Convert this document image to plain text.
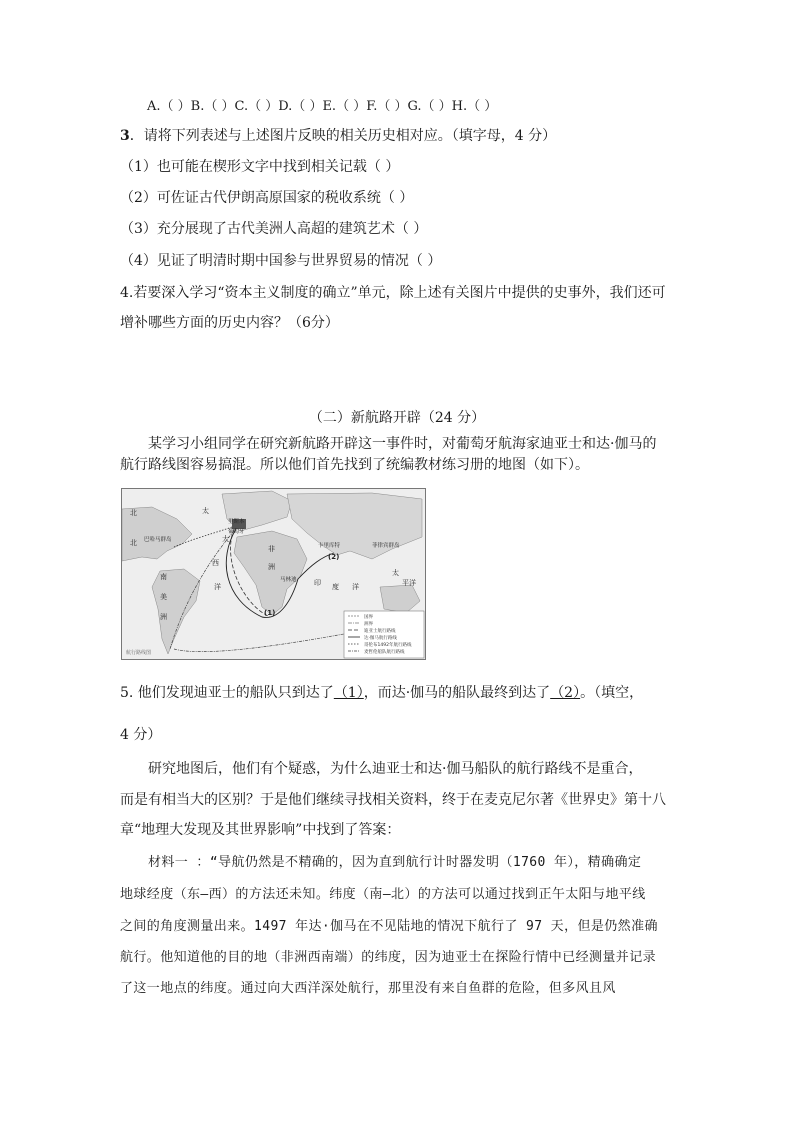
A.（ ）B.（ ）C.（ ）D.（ ）E.（ ）F.（ ）G.（ ）H.（ ）
3．请将下列表述与上述图片反映的相关历史相对应。（填字母，4 分）
（1）也可能在楔形文字中找到相关记载（ ）
（2）可佐证古代伊朗高原国家的税收系统（ ）
（3）充分展现了古代美洲人高超的建筑艺术（ ）
（4）见证了明清时期中国参与世界贸易的情况（ ）
4.若要深入学习“资本主义制度的确立”单元，除上述有关图片中提供的史事外，我们还可
增补哪些方面的历史内容？（6分）
（二）新航路开辟（24 分）
某学习小组同学在研究新航路开辟这一事件时，对葡萄牙航海家迪亚士和达·伽马的
航行路线图容易搞混。所以他们首先找到了统编教材练习册的地图（如下）。
北
北
太
南
美
洲
里斯本
葡萄牙
巴哈马群岛	大
西
洋
非
洲
卡里库特	菲律宾群岛
马林迪 印 度 洋
太
平洋
(1)
(2)
航行路线图
国界
洲界
迪亚士航行路线
达·伽马航行路线
哥伦布1492年航行路线
麦哲伦船队航行路线
5. 他们发现迪亚士的船队只到达了（1），而达·伽马的船队最终到达了（2）。（填空，
4 分）
研究地图后，他们有个疑惑，为什么迪亚士和达·伽马船队的航行路线不是重合，
而是有相当大的区别？于是他们继续寻找相关资料，终于在麦克尼尔著《世界史》第十八
章“地理大发现及其世界影响”中找到了答案：
材料一 ：“导航仍然是不精确的，因为直到航行计时器发明（1760 年），精确确定
地球经度（东—西）的方法还未知。纬度（南—北）的方法可以通过找到正午太阳与地平线
之间的角度测量出来。1497 年达·伽马在不见陆地的情况下航行了 97 天，但是仍然准确
航行。他知道他的目的地（非洲西南端）的纬度，因为迪亚士在探险行情中已经测量并记录
了这一地点的纬度。通过向大西洋深处航行，那里没有来自鱼群的危险，但多风且风
